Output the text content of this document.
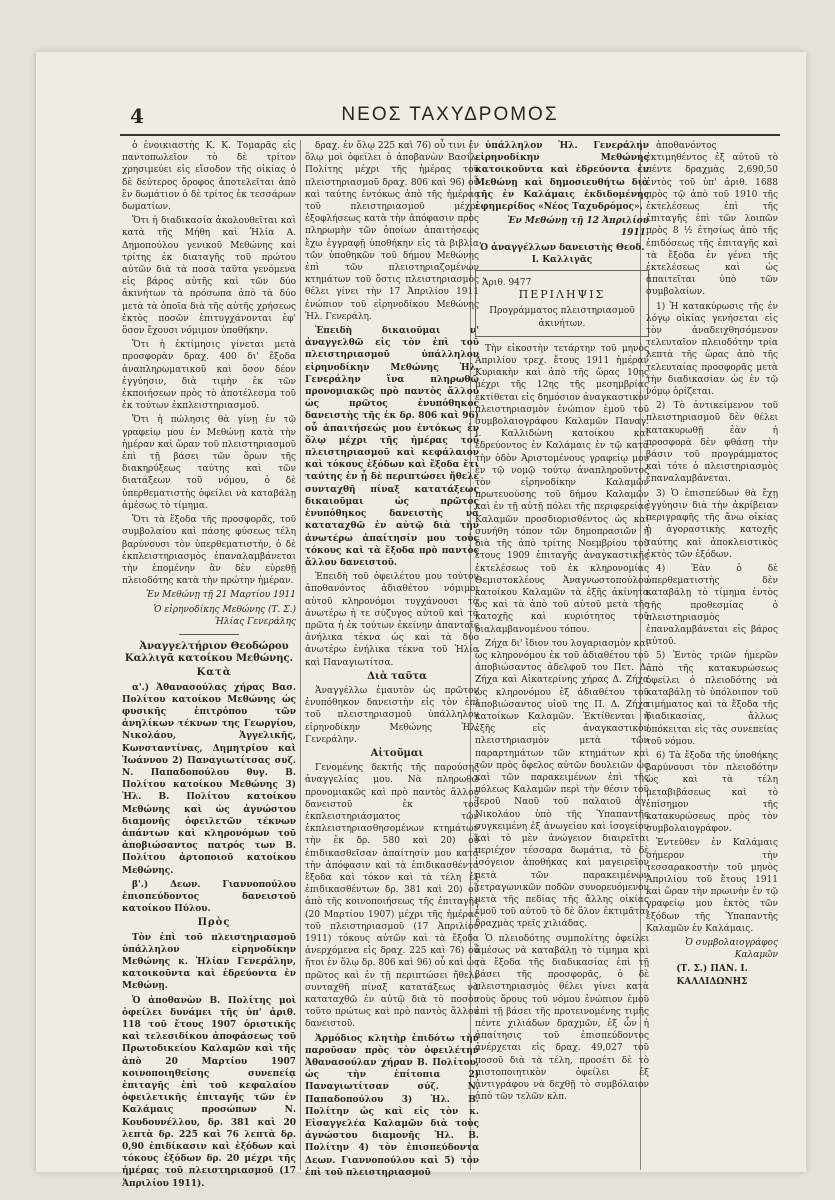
4	ΝΕΟΣ ΤΑΧΥΔΡΟΜΟΣ

ὁ ἐνοικιαστὴς Κ. Κ. Τομαρᾶς εἰς παντοπωλεῖον τὸ δὲ τρίτον χρησιμεύει εἰς εἴσοδον τῆς οἰκίας ὁ δὲ δεύτερος ὄροφος ἀποτελεῖται ἀπὸ ἓν δωμάτιον ὁ δὲ τρίτος ἐκ τεσσάρων δωματίων.

Ὅτι ἡ διαδικασία ἀκολουθεῖται καὶ κατὰ τῆς Μήθη καὶ Ἠλία Α. Δημοπούλου γενικοῦ Μεθώνης καὶ τρίτης ἐκ διαταγῆς τοῦ πρώτου αὐτῶν διὰ τὰ ποσὰ ταῦτα γενόμενα εἰς βάρος αὐτῆς καὶ τῶν δύο ἀκινήτων τὰ πρόσωπα ἀπὸ τὰ δύο μετὰ τὰ ὁποῖα διὰ τῆς αὐτῆς χρήσεως ἐκτὸς ποσῶν ἐπιτυγχάνονται ἐφ' ὅσον ἔχουσι νόμιμον ὑποθήκην.

Ὅτι ἡ ἐκτίμησις γίνεται μετὰ προσφορὰν δραχ. 400 δι' ἕξοδα ἀναπληρωματικοῦ καὶ ὅσον δέον ἐγγύησιν, διὰ τιμὴν ἐκ τῶν ἐκποιήσεων πρὸς τὸ ἀποτέλεσμα τοῦ ἐκ τούτων ἐκπλειστηριασμοῦ.

Ὅτι ἡ πώλησις θὰ γίνῃ ἐν τῷ γραφείῳ μου ἐν Μεθώνῃ κατὰ τὴν ἡμέραν καὶ ὥραν τοῦ πλειστηριασμοῦ ἐπὶ τῇ βάσει τῶν ὅρων τῆς διακηρύξεως ταύτης καὶ τῶν διατάξεων τοῦ νόμου, ὁ δὲ ὑπερθεματιστὴς ὀφείλει νὰ καταβάλῃ ἀμέσως τὸ τίμημα.

Ὅτι τὰ ἕξοδα τῆς προσφορᾶς, τοῦ συμβολαίου καὶ πάσης φύσεως τέλη βαρύνουσι τὸν ὑπερθεματιστήν, ὁ δὲ ἐκπλειστηριασμὸς ἐπαναλαμβάνεται τὴν ἐπομένην ἂν δὲν εὑρεθῇ πλειοδότης κατὰ τὴν πρώτην ἡμέραν.

Ἐν Μεθώνῃ τῇ 21 Μαρτίου 1911

Ὁ εἰρηνοδίκης Μεθώνης (Τ. Σ.) Ἠλίας Γενεράλης

Ἀναγγελτήριον Θεοδώρου Καλλιγᾶ κατοίκου Μεθώνης.

Κατὰ

α'.) Ἀθανασούλας χήρας Βασ. Πολίτου κατοίκου Μεθώνης ὡς φυσικῆς ἐπιτρόπου τῶν ἀνηλίκων τέκνων της Γεωργίου, Νικολάου, Ἀγγελικῆς, Κωνσταντίνας, Δημητρίου καὶ Ἰωάννου 2) Παναγιωτίτσας συζ. Ν. Παπαδοπούλου θυγ. Β. Πολίτου κατοίκου Μεθώνης 3) Ἠλ. Β. Πολίτου κατοίκου Μεθώνης καὶ ὡς ἀγνώστου διαμονῆς ὀφειλετῶν τέκνων ἁπάντων καὶ κληρονόμων τοῦ ἀποβιώσαντος πατρός των Β. Πολίτου ἀρτοποιοῦ κατοίκου Μεθώνης.

β'.) Δεων. Γιαννοπούλου ἐπισπεύδοντος δανειστοῦ κατοίκου Πύλου.

Πρὸς

Τὸν ἐπὶ τοῦ πλειστηριασμοῦ ὑπάλληλον εἰρηνοδίκην Μεθώνης κ. Ἠλίαν Γενεράλην, κατοικοῦντα καὶ ἑδρεύοντα ἐν Μεθώνῃ.

Ὁ ἀποθανὼν Β. Πολίτης μοὶ ὀφείλει δυνάμει τῆς ὑπ' ἀριθ. 118 τοῦ ἔτους 1907 ὁριστικῆς καὶ τελεσιδίκου ἀποφάσεως τοῦ Πρωτοδικείου Καλαμῶν καὶ τῆς ἀπὸ 20 Μαρτίου 1907 κοινοποιηθείσης συνεπείᾳ ἐπιταγῆς ἐπὶ τοῦ κεφαλαίου ὀφειλετικῆς ἐπιταγῆς τῶν ἐν Καλάμαις προσώπων Ν. Κουδουνέλλου, δρ. 381 καὶ 20 λεπτὰ δρ. 225 καὶ 76 λεπτὰ δρ. 0,90 ἐπιδίκασιν καὶ ἐξόδων καὶ τόκους ἐξόδων δρ. 20 μέχρι τῆς ἡμέρας τοῦ πλειστηριασμοῦ (17 Ἀπριλίου 1911).

δραχ. ἐν ὅλῳ 225 καὶ 76) οὗ τινι ἐν ὅλῳ μοὶ ὀφείλει ὁ ἀποβανὼν Βασίλ. Πολίτης μέχρι τῆς ἡμέρας τοῦ πλειστηριασμοῦ δραχ. 806 καὶ 96) οὗ καὶ ταύτης ἐντόκως ἀπὸ τῆς ἡμέρας τοῦ πλειστηριασμοῦ μέχρι ἐξοφλήσεως κατὰ τὴν ἀπόφασιν πρὸς πληρωμὴν τῶν ὁποίων ἀπαιτήσεως ἔχω ἐγγραφῇ ὑποθήκην εἰς τὰ βιβλία τῶν ὑποθηκῶν τοῦ δήμου Μεθώνης ἐπὶ τῶν πλειστηριαζομένων κτημάτων τοῦ ὅστις πλειστηριασμὸς θέλει γίνει τὴν 17 Ἀπριλίου 1911 ἐνώπιον τοῦ εἰρηνοδίκου Μεθώνης Ἠλ. Γενεράλη.

Ἐπειδὴ δικαιοῦμαι ν' ἀναγγελθῶ εἰς τὸν ἐπὶ τοῦ πλειστηριασμοῦ ὑπάλληλον εἰρηνοδίκην Μεθώνης Ἠλ. Γενεράλην ἵνα πληρωθῶ προνομιακῶς πρὸ παντὸς ἄλλου ὡς πρῶτος ἐνυπόθηκος δανειστὴς τῆς ἐκ δρ. 806 καὶ 96) οὗ ἀπαιτήσεώς μου ἐντόκως ἐν ὅλῳ μέχρι τῆς ἡμέρας τοῦ πλειστηριασμοῦ καὶ κεφάλαιον καὶ τόκους ἐξόδων καὶ ἔξοδα ἔτι ταύτης ἐν ᾗ δὲ περιπτώσει ἤθελε συνταχθῆ πίναξ κατατάξεως δικαιοῦμαι ὡς πρῶτος ἐνυπόθηκος δανειστὴς νὰ καταταχθῶ ἐν αὐτῷ διὰ τὴν ἀνωτέρω ἀπαίτησίν μου τοὺς τόκους καὶ τὰ ἔξοδα πρὸ παντὸς ἄλλου δανειστοῦ.

Ἐπειδὴ τοῦ ὀφειλέτου μου τούτου ἀποθανόντος ἀδιαθέτου νόμιμοι αὐτοῦ κληρονόμοι τυγχάνουσι τὰ ἀνωτέρω ἡ τε σύζυγος αὐτοῦ καὶ τὰ πρῶτα ἡ ἐκ τούτων ἐκείνην ἀπανταῖς ἀνήλικα τέκνα ὡς καὶ τὰ δύο ἀνωτέρω ἐνήλικα τέκνα τοῦ Ἠλία καὶ Παναγιωτίτσα.

Διὰ ταῦτα

Ἀναγγέλλω ἐμαυτὸν ὡς πρῶτον ἐνυπόθηκον δανειστὴν εἰς τὸν ἐπὶ τοῦ πλειστηριασμοῦ ὑπάλληλον εἰρηνοδίκην Μεθώνης Ἠλ. Γενεράλην.

Αἰτοῦμαι

Γενομένης δεκτῆς τῆς παρούσης ἀναγγελίας μου. Νὰ πληρωθῶ προνομιακῶς καὶ πρὸ παντὸς ἄλλου δανειστοῦ ἐκ τοῦ ἐκπλειστηριάσματος τῶν ἐκπλειστηριασθησομένων κτημάτων τὴν ἐκ δρ. 580 καὶ 20) οὗ ἐπιδικασθεῖσαν ἀπαίτησίν μου κατὰ τὴν ἀπόφασιν καὶ τὰ ἐπιδικασθέντα ἔξοδα καὶ τόκον καὶ τὰ τέλη ἐξ ἐπιδικασθέντων δρ. 381 καὶ 20) οὗ ἀπὸ τῆς κοινοποιήσεως τῆς ἐπιταγῆς (20 Μαρτίου 1907) μέχρι τῆς ἡμέρας τοῦ πλειστηριασμοῦ (17 Ἀπριλίου 1911) τόκους αὐτῶν καὶ τὰ ἔξοδα ἀνερχόμενα εἰς δραχ. 225 καὶ 76) οὗ ἤτοι ἐν ὅλῳ δρ. 806 καὶ 96) οὗ καὶ ὡς πρῶτος καὶ ἐν τῇ περιπτώσει ἤθελε συνταχθῆ πίναξ κατατάξεως νὰ καταταχθῶ ἐν αὐτῷ διὰ τὸ ποσὸν τοῦτο πρώτως καὶ πρὸ παντὸς ἄλλου δανειστοῦ.

Ἁρμόδιος κλητὴρ ἐπιδότω τὴν παροῦσαν πρὸς τὸν ὀφειλέτην Ἀθανασούλαν χήραν Β. Πολίτου, ὡς τὴν ἐπίτοπια 2) Παναγιωτίτσαν σύζ. Ν. Παπαδοπούλου 3) Ἠλ. Β. Πολίτην ὡς καὶ εἰς τὸν κ. Εἰσαγγελέα Καλαμῶν διὰ τοὺς ἀγνώστου διαμονῆς Ἠλ. Β. Πολίτην 4) τὸν ἐπισπεύδοντα Δεων. Γιαννοπούλου καὶ 5) τὸν ἐπὶ τοῦ πλειστηριασμοῦ

ὑπάλληλον Ἠλ. Γενεράλην εἰρηνοδίκην Μεθώνης κατοικοῦντα καὶ ἑδρεύοντα ἐν Μεθώνῃ καὶ δημοσιευθήτω διὰ τῆς ἐν Καλάμαις ἐκδιδομένης ἐφημερίδος «Νέος Ταχυδρόμος».

Ἐν Μεθώνῃ τῇ 12 Ἀπριλίου 1911.

Ὁ ἀναγγέλλων δανειστὴς Θεοδ. Ι. Καλλιγᾶς

Ἀριθ. 9477
ΠΕΡΙΛΗΨΙΣ
Προγράμματος πλειστηριασμοῦ ἀκινήτων.

Τὴν εἰκοστὴν τετάρτην τοῦ μηνὸς Ἀπριλίου τρεχ. ἔτους 1911 ἡμέραν Κυριακὴν καὶ ἀπὸ τῆς ὥρας 10ης μέχρι τῆς 12ης τῆς μεσημβρίας ἐκτίθεται εἰς δημόσιον ἀναγκαστικὸν πλειστηριασμὸν ἐνώπιον ἐμοῦ τοῦ συμβολαιογράφου Καλαμῶν Παναγ. Ι. Καλλιδώνη κατοίκου καὶ ἑδρεύοντος ἐν Καλάμαις ἐν τῷ κατὰ τὴν ὁδὸν Ἀριστομένους γραφείῳ μου ἐν τῷ νομῷ τούτῳ ἀναπληροῦντος τὸν εἰρηνοδίκην Καλαμῶν πρωτευούσης τοῦ δήμου Καλαμῶν καὶ ἐν τῇ αὐτῇ πόλει τῆς περιφερείας Καλαμῶν προσδιορισθέντος ὡς καὶ συνήθη τόπον τῶν δημοπρασιῶν ἡ διὰ τῆς ἀπὸ τρίτης Νοεμβρίου τοῦ ἔτους 1909 ἐπιταγῆς ἀναγκαστικῆς ἐκτελέσεως τοῦ ἐκ κληρονομίας Θεμιστοκλέους Ἀναγνωστοπούλου κατοίκου Καλαμῶν τὰ ἑξῆς ἀκίνητα ὡς καὶ τὰ ἀπὸ τοῦ αὐτοῦ μετὰ τῆς κατοχῆς καὶ κυριότητος τοῦ διαλαμβανομένου τόπου.

Ζήχα δι' ἴδιον του λογαριασμὸν καὶ ὡς κληρονόμου ἐκ τοῦ ἀδιαθέτου τοῦ ἀποβιώσαντος ἀδελφοῦ του Πετ. Δ. Ζήχα καὶ Αἰκατερίνης χήρας Δ. Ζήχα ὡς κληρονόμου ἐξ ἀδιαθέτου τοῦ ἀποβιώσαντος υἱοῦ της Π. Δ. Ζήχα κατοίκων Καλαμῶν. Ἐκτίθενται ἡ ἑξῆς εἰς ἀναγκαστικὸν πλειστηριασμὸν μετὰ τῶν παραρτημάτων τῶν κτημάτων καὶ τῶν πρὸς ὄφελος αὐτῶν δουλειῶν ὡς καὶ τῶν παρακειμένων ἐπὶ τῆς πόλεως Καλαμῶν περὶ τὴν θέσιν τοῦ Ἱεροῦ Ναοῦ τοῦ παλαιοῦ ἁγ. Νικολάου ὑπὸ τῆς Ὑπαπαντῆς συγκειμένη ἐξ ἀνωγείου καὶ ἰσογείου καὶ τὸ μὲν ἀνώγειον διαιρεῖται περιέχον τέσσαρα δωμάτια, τὸ δὲ ἰσόγειον ἀποθήκας καὶ μαγειρεῖον μετὰ τῶν παρακειμένων τετραγωνικῶν ποδῶν συνορευόμενον μετὰ τῆς πεδίας τῆς ἄλλης οἰκίας ἐμοῦ τοῦ αὐτοῦ τὸ δὲ ὅλον ἐκτιμᾶται δραχμὰς τρεῖς χιλιάδας.

Ὁ πλειοδότης συμπολίτης ὀφείλει ἀμέσως νὰ καταβάλῃ τὸ τίμημα καὶ τὰ ἔξοδα τῆς διαδικασίας ἐπὶ τῇ βάσει τῆς προσφορᾶς, ὁ δὲ πλειστηριασμὸς θέλει γίνει κατὰ τοὺς ὅρους τοῦ νόμου ἐνώπιον ἐμοῦ ἐπὶ τῇ βάσει τῆς προτεινομένης τιμῆς πέντε χιλιάδων δραχμῶν, ἐξ ὧν ἡ ἀπαίτησις τοῦ ἐπισπεύδοντος ἀνέρχεται εἰς δραχ. 49,027 τοῦ ποσοῦ διὰ τὰ τέλη, προσέτι δὲ τὸ πιστοποιητικὸν ὀφείλει ἐξ ἀντιγράφου νὰ δεχθῇ τὸ συμβόλαιον ἀπὸ τῶν τελῶν κλπ.

ἀποθανόντος ἐκτιμηθέντος ἐξ αὐτοῦ τὸ πέντε δραχμὰς 2,690,50 ἐντὸς τοῦ ὑπ' ἀριθ. 1688 πρὸς τῷ ἀπὸ τοῦ 1910 τῆς ἐκτελέσεως ἐπὶ τῆς ἐπιταγῆς ἐπὶ τῶν λοιπῶν πρὸς 8 ½ ἐτησίως ἀπὸ τῆς ἐπιδόσεως τῆς ἐπιταγῆς καὶ τὰ ἔξοδα ἐν γένει τῆς ἐκτελέσεως καὶ ὡς ἀπαιτεῖται ὑπὸ τῶν συμβολαίων.

1) Ἡ κατακύρωσις τῆς ἐν λόγῳ οἰκίας γενήσεται εἰς τὸν ἀναδειχθησόμενον τελευταῖον πλειοδότην τρία λεπτὰ τῆς ὥρας ἀπὸ τῆς τελευταίας προσφορᾶς μετὰ τὴν διαδικασίαν ὡς ἐν τῷ νόμῳ ὁρίζεται.

2) Τὸ ἀντικείμενον τοῦ πλειστηριασμοῦ δὲν θέλει κατακυρωθῇ ἐὰν ἡ προσφορὰ δὲν φθάσῃ τὴν βάσιν τοῦ προγράμματος καὶ τότε ὁ πλειστηριασμὸς ἐπαναλαμβάνεται.

3) Ὁ ἐπισπεύδων θὰ ἔχῃ ἐγγύησιν διὰ τὴν ἀκρίβειαν περιγραφῆς τῆς ἄνω οἰκίας ἡ ἀγοραστικὴς κατοχῆς ταύτης καὶ ἀποκλειστικὸς ἐκτὸς τῶν ἐξόδων.

4) Ἐὰν ὁ δὲ ὑπερθεματιστὴς δὲν καταβάλῃ τὸ τίμημα ἐντὸς τῆς προθεσμίας ὁ πλειστηριασμὸς ἐπαναλαμβάνεται εἰς βάρος αὐτοῦ.

5) Ἐντὸς τριῶν ἡμερῶν ἀπὸ τῆς κατακυρώσεως ὀφείλει ὁ πλειοδότης νὰ καταβάλῃ τὸ ὑπόλοιπον τοῦ τιμήματος καὶ τὰ ἔξοδα τῆς διαδικασίας, ἄλλως ὑπόκειται εἰς τὰς συνεπείας τοῦ νόμου.

6) Τὰ ἔξοδα τῆς ὑποθήκης βαρύνουσι τὸν πλειοδότην ὡς καὶ τὰ τέλη μεταβιβάσεως καὶ τὸ ἐπίσημον τῆς κατακυρώσεως πρὸς τὸν συμβολαιογράφον.

Ἐντεῦθεν ἐν Καλάμαις σήμερον τὴν τεσσαρακοστὴν τοῦ μηνὸς Ἀπριλίου τοῦ ἔτους 1911 καὶ ὥραν τὴν πρωινὴν ἐν τῷ γραφείῳ μου ἐκτὸς τῶν ἐξόδων τῆς Ὑπαπαντῆς Καλαμῶν ἐν Καλάμαις.

Ὁ συμβολαιογράφος Καλαμῶν

(Τ. Σ.) ΠΑΝ. Ι. ΚΑΛΛΙΔΩΝΗΣ
